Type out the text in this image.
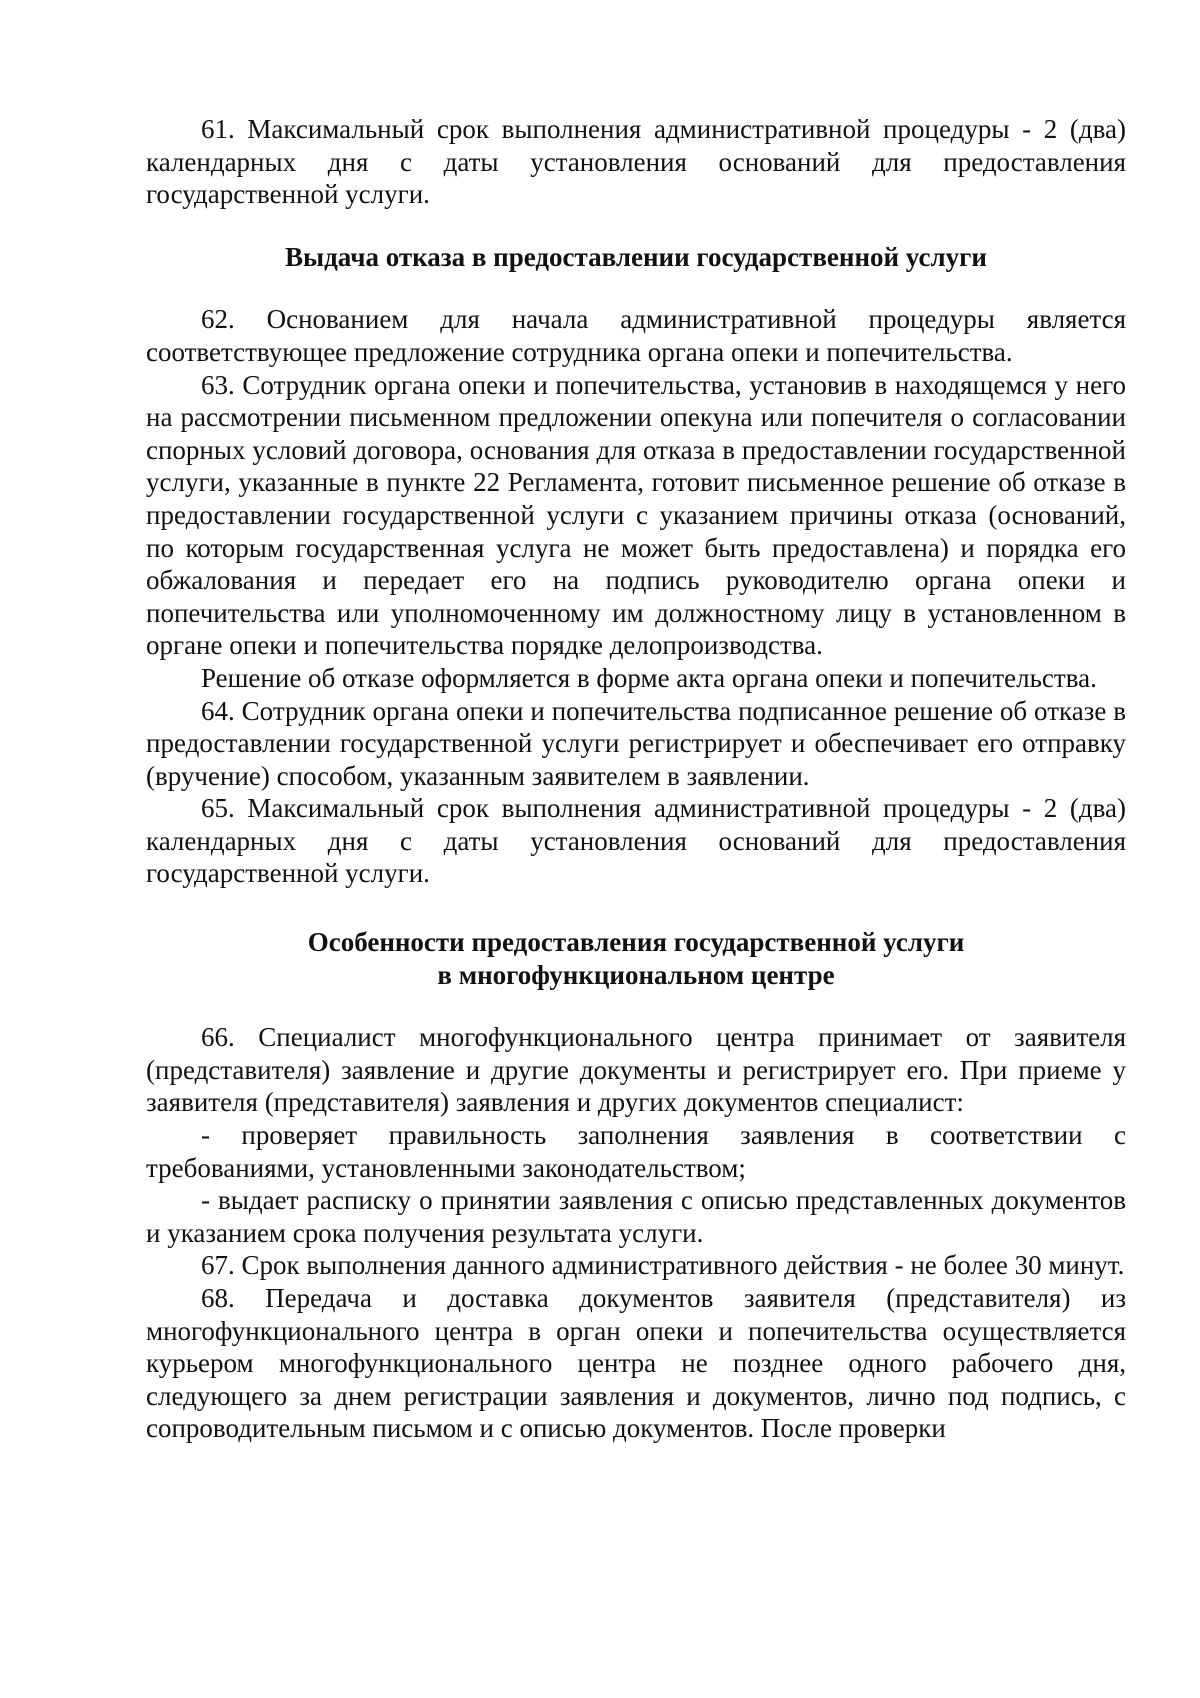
61. Максимальный срок выполнения административной процедуры - 2 (два) календарных дня с даты установления оснований для предоставления государственной услуги.

Выдача отказа в предоставлении государственной услуги

62. Основанием для начала административной процедуры является соответствующее предложение сотрудника органа опеки и попечительства.

63. Сотрудник органа опеки и попечительства, установив в находящемся у него на рассмотрении письменном предложении опекуна или попечителя о согласовании спорных условий договора, основания для отказа в предоставлении государственной услуги, указанные в пункте 22 Регламента, готовит письменное решение об отказе в предоставлении государственной услуги с указанием причины отказа (оснований, по которым государственная услуга не может быть предоставлена) и порядка его обжалования и передает его на подпись руководителю органа опеки и попечительства или уполномоченному им должностному лицу в установленном в органе опеки и попечительства порядке делопроизводства.

Решение об отказе оформляется в форме акта органа опеки и попечительства.

64. Сотрудник органа опеки и попечительства подписанное решение об отказе в предоставлении государственной услуги регистрирует и обеспечивает его отправку (вручение) способом, указанным заявителем в заявлении.

65. Максимальный срок выполнения административной процедуры - 2 (два) календарных дня с даты установления оснований для предоставления государственной услуги.

Особенности предоставления государственной услуги
в многофункциональном центре

66. Специалист многофункционального центра принимает от заявителя (представителя) заявление и другие документы и регистрирует его. При приеме у заявителя (представителя) заявления и других документов специалист:

- проверяет правильность заполнения заявления в соответствии с требованиями, установленными законодательством;

- выдает расписку о принятии заявления с описью представленных документов и указанием срока получения результата услуги.

67. Срок выполнения данного административного действия - не более 30 минут.

68. Передача и доставка документов заявителя (представителя) из многофункционального центра в орган опеки и попечительства осуществляется курьером многофункционального центра не позднее одного рабочего дня, следующего за днем регистрации заявления и документов, лично под подпись, с сопроводительным письмом и с описью документов. После проверки
